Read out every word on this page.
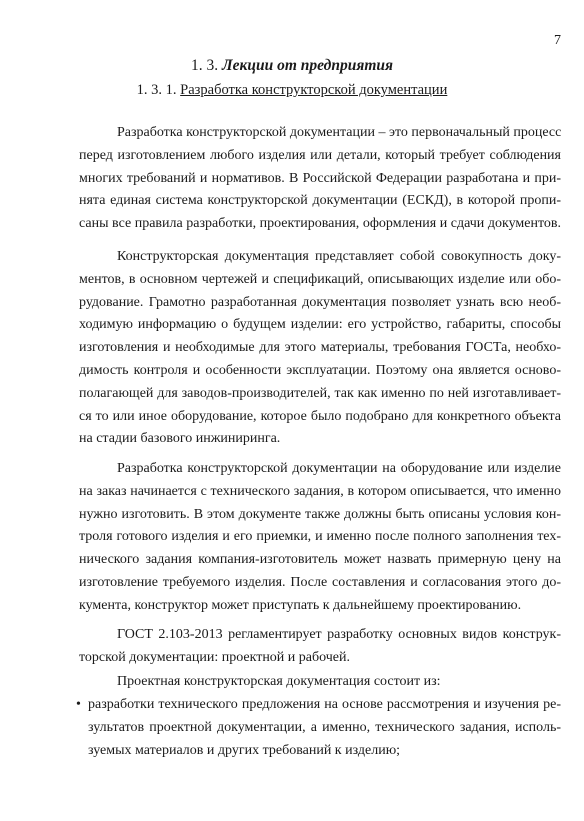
7
1. 3. Лекции от предприятия
1. 3. 1. Разработка конструкторской документации
Разработка конструкторской документации – это первоначальный процесс
перед изготовлением любого изделия или детали, который требует соблюдения
многих требований и нормативов. В Российской Федерации разработана и при-
нята единая система конструкторской документации (ЕСКД), в которой пропи-
саны все правила разработки, проектирования, оформления и сдачи документов.
Конструкторская документация представляет собой совокупность доку-
ментов, в основном чертежей и спецификаций, описывающих изделие или обо-
рудование. Грамотно разработанная документация позволяет узнать всю необ-
ходимую информацию о будущем изделии: его устройство, габариты, способы
изготовления и необходимые для этого материалы, требования ГОСТа, необхо-
димость контроля и особенности эксплуатации. Поэтому она является осново-
полагающей для заводов-производителей, так как именно по ней изготавливает-
ся то или иное оборудование, которое было подобрано для конкретного объекта
на стадии базового инжиниринга.
Разработка конструкторской документации на оборудование или изделие
на заказ начинается с технического задания, в котором описывается, что именно
нужно изготовить. В этом документе также должны быть описаны условия кон-
троля готового изделия и его приемки, и именно после полного заполнения тех-
нического задания компания-изготовитель может назвать примерную цену на
изготовление требуемого изделия. После составления и согласования этого до-
кумента, конструктор может приступать к дальнейшему проектированию.
ГОСТ 2.103-2013 регламентирует разработку основных видов конструк-
торской документации: проектной и рабочей.
Проектная конструкторская документация состоит из:
• разработки технического предложения на основе рассмотрения и изучения ре-
зультатов проектной документации, а именно, технического задания, исполь-
зуемых материалов и других требований к изделию;
